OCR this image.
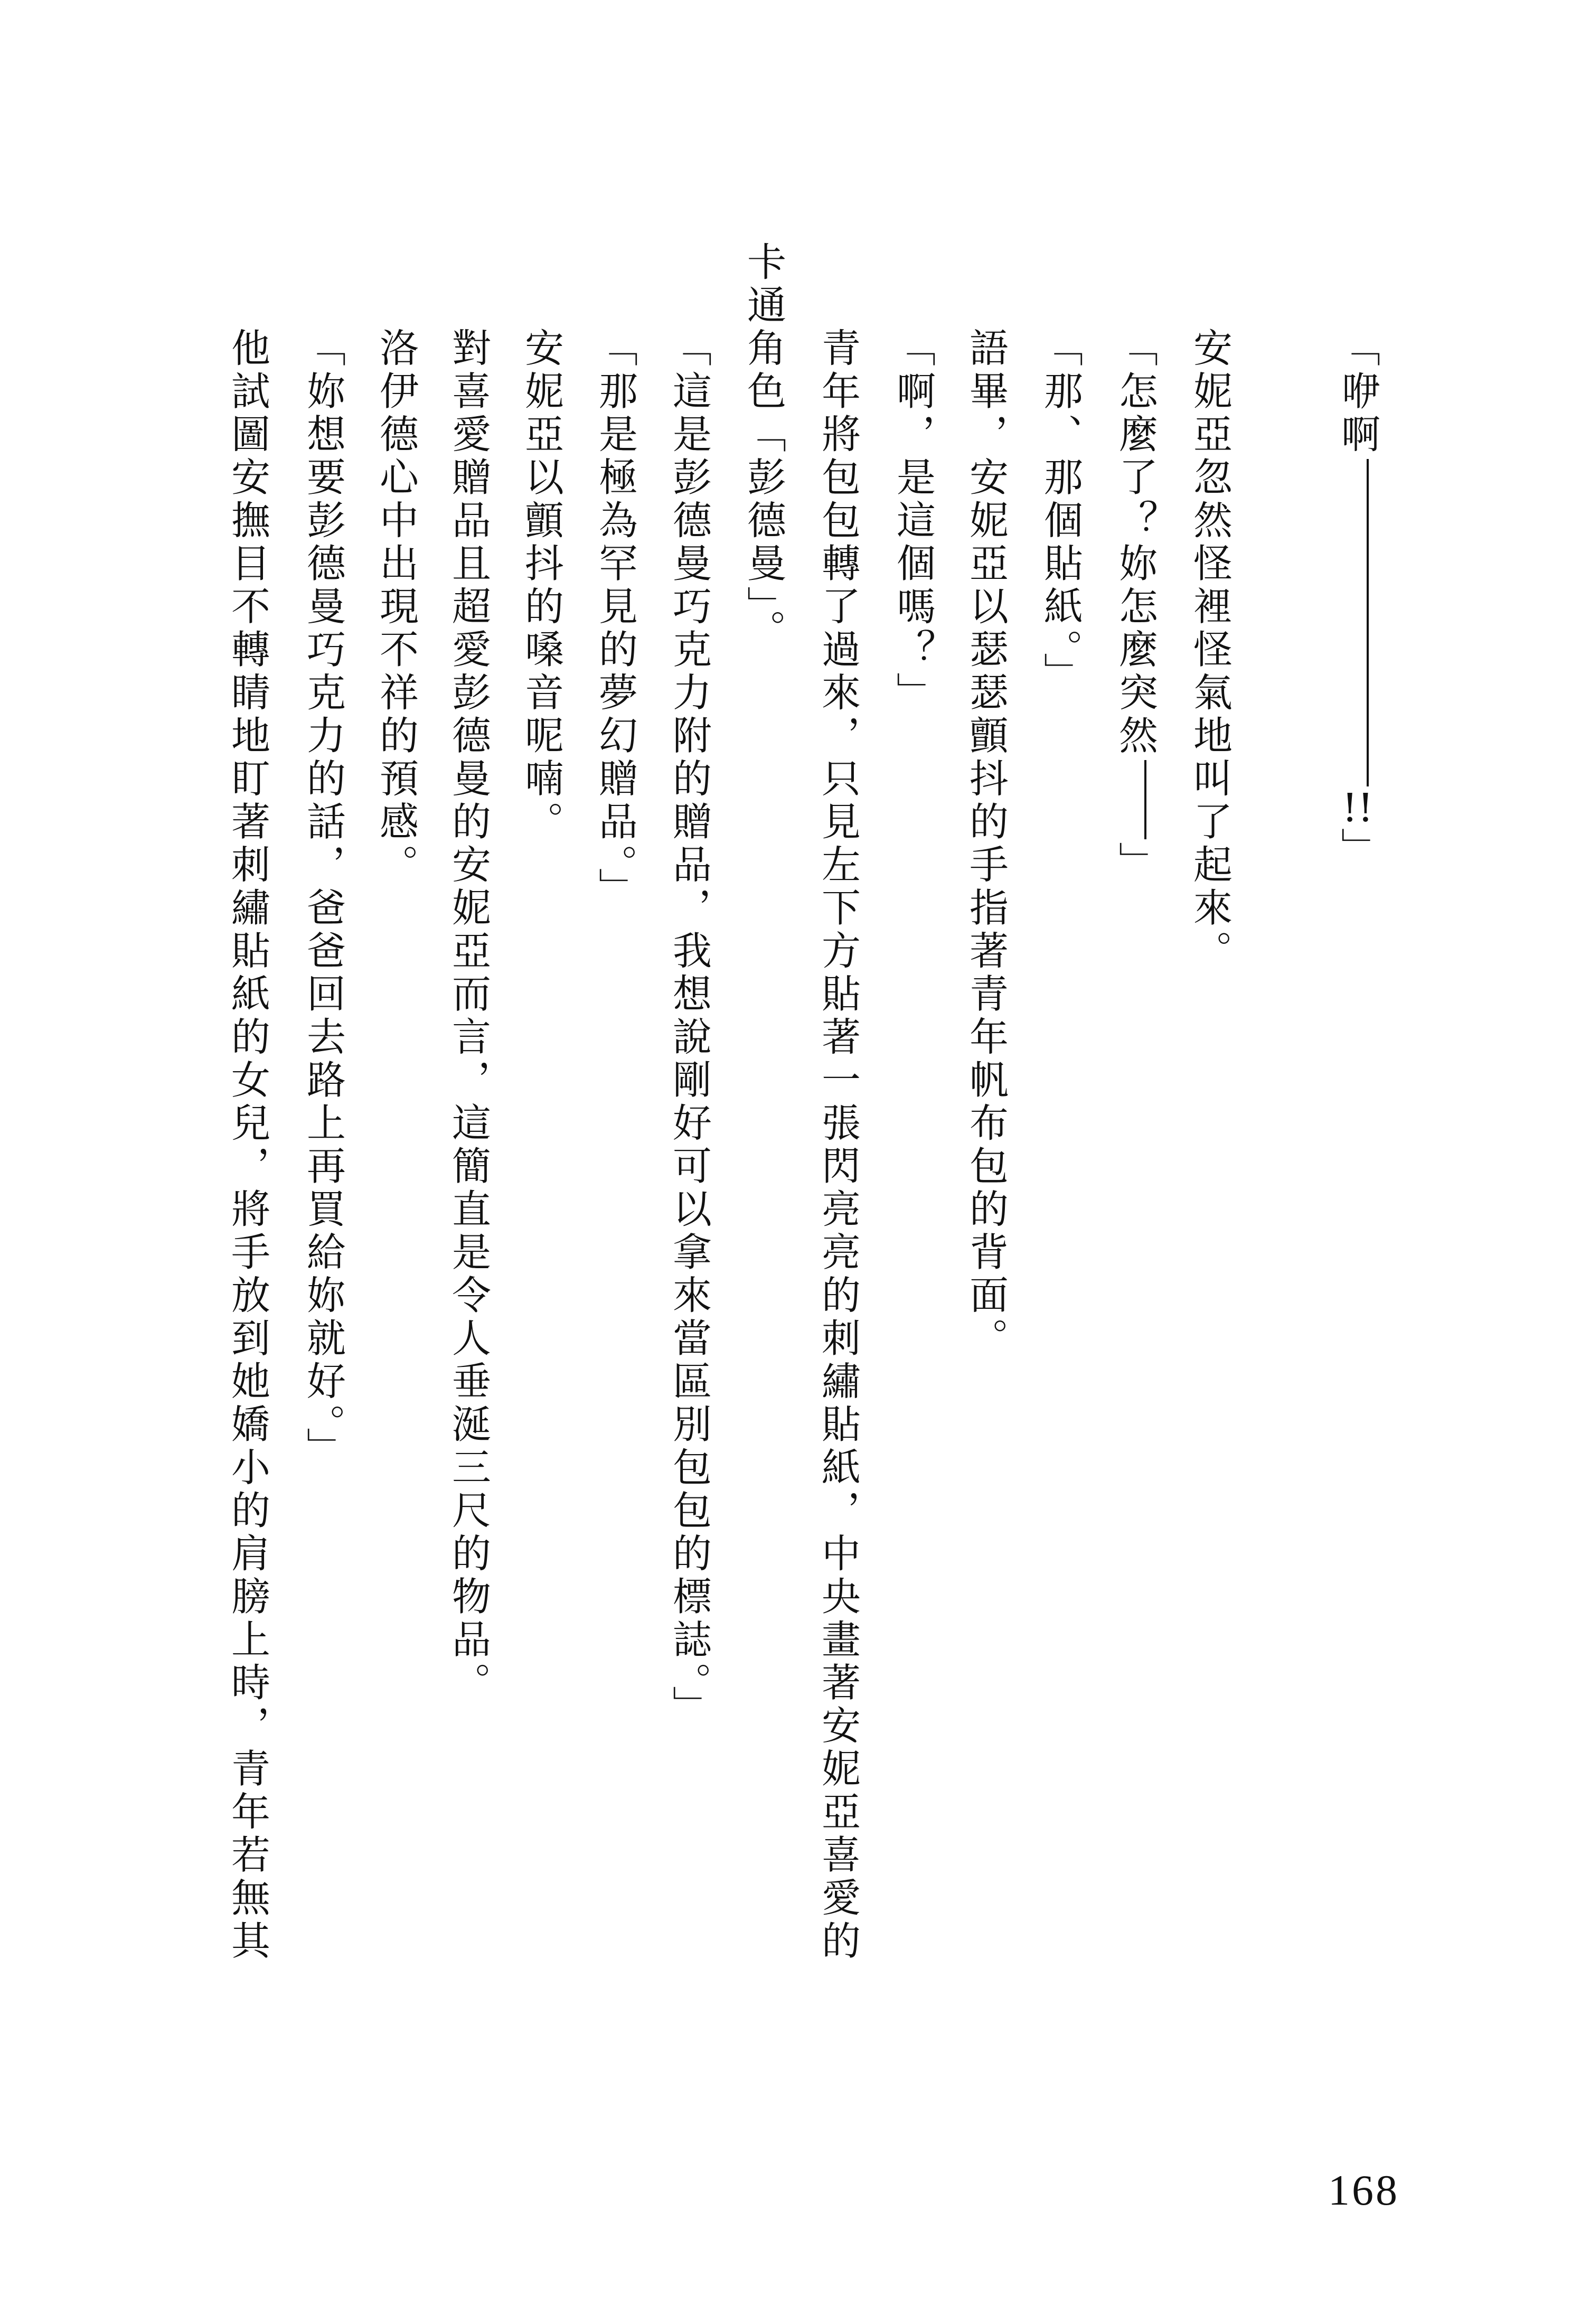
「咿啊!!」
安妮亞忽然怪裡怪氣地叫了起來。
「怎麼了？妳怎麼突然」
「那、那個貼紙。」
語畢，安妮亞以瑟瑟顫抖的手指著青年帆布包的背面。
「啊，是這個嗎？」
青年將包包轉了過來，只見左下方貼著一張閃亮亮的刺繡貼紙，中央畫著安妮亞喜愛的
卡通角色「彭德曼」。
「這是彭德曼巧克力附的贈品，我想說剛好可以拿來當區別包包的標誌。」
「那是極為罕見的夢幻贈品。」
安妮亞以顫抖的嗓音呢喃。
對喜愛贈品且超愛彭德曼的安妮亞而言，這簡直是令人垂涎三尺的物品。
洛伊德心中出現不祥的預感。
「妳想要彭德曼巧克力的話，爸爸回去路上再買給妳就好。」
他試圖安撫目不轉睛地盯著刺繡貼紙的女兒，將手放到她嬌小的肩膀上時，青年若無其
168
